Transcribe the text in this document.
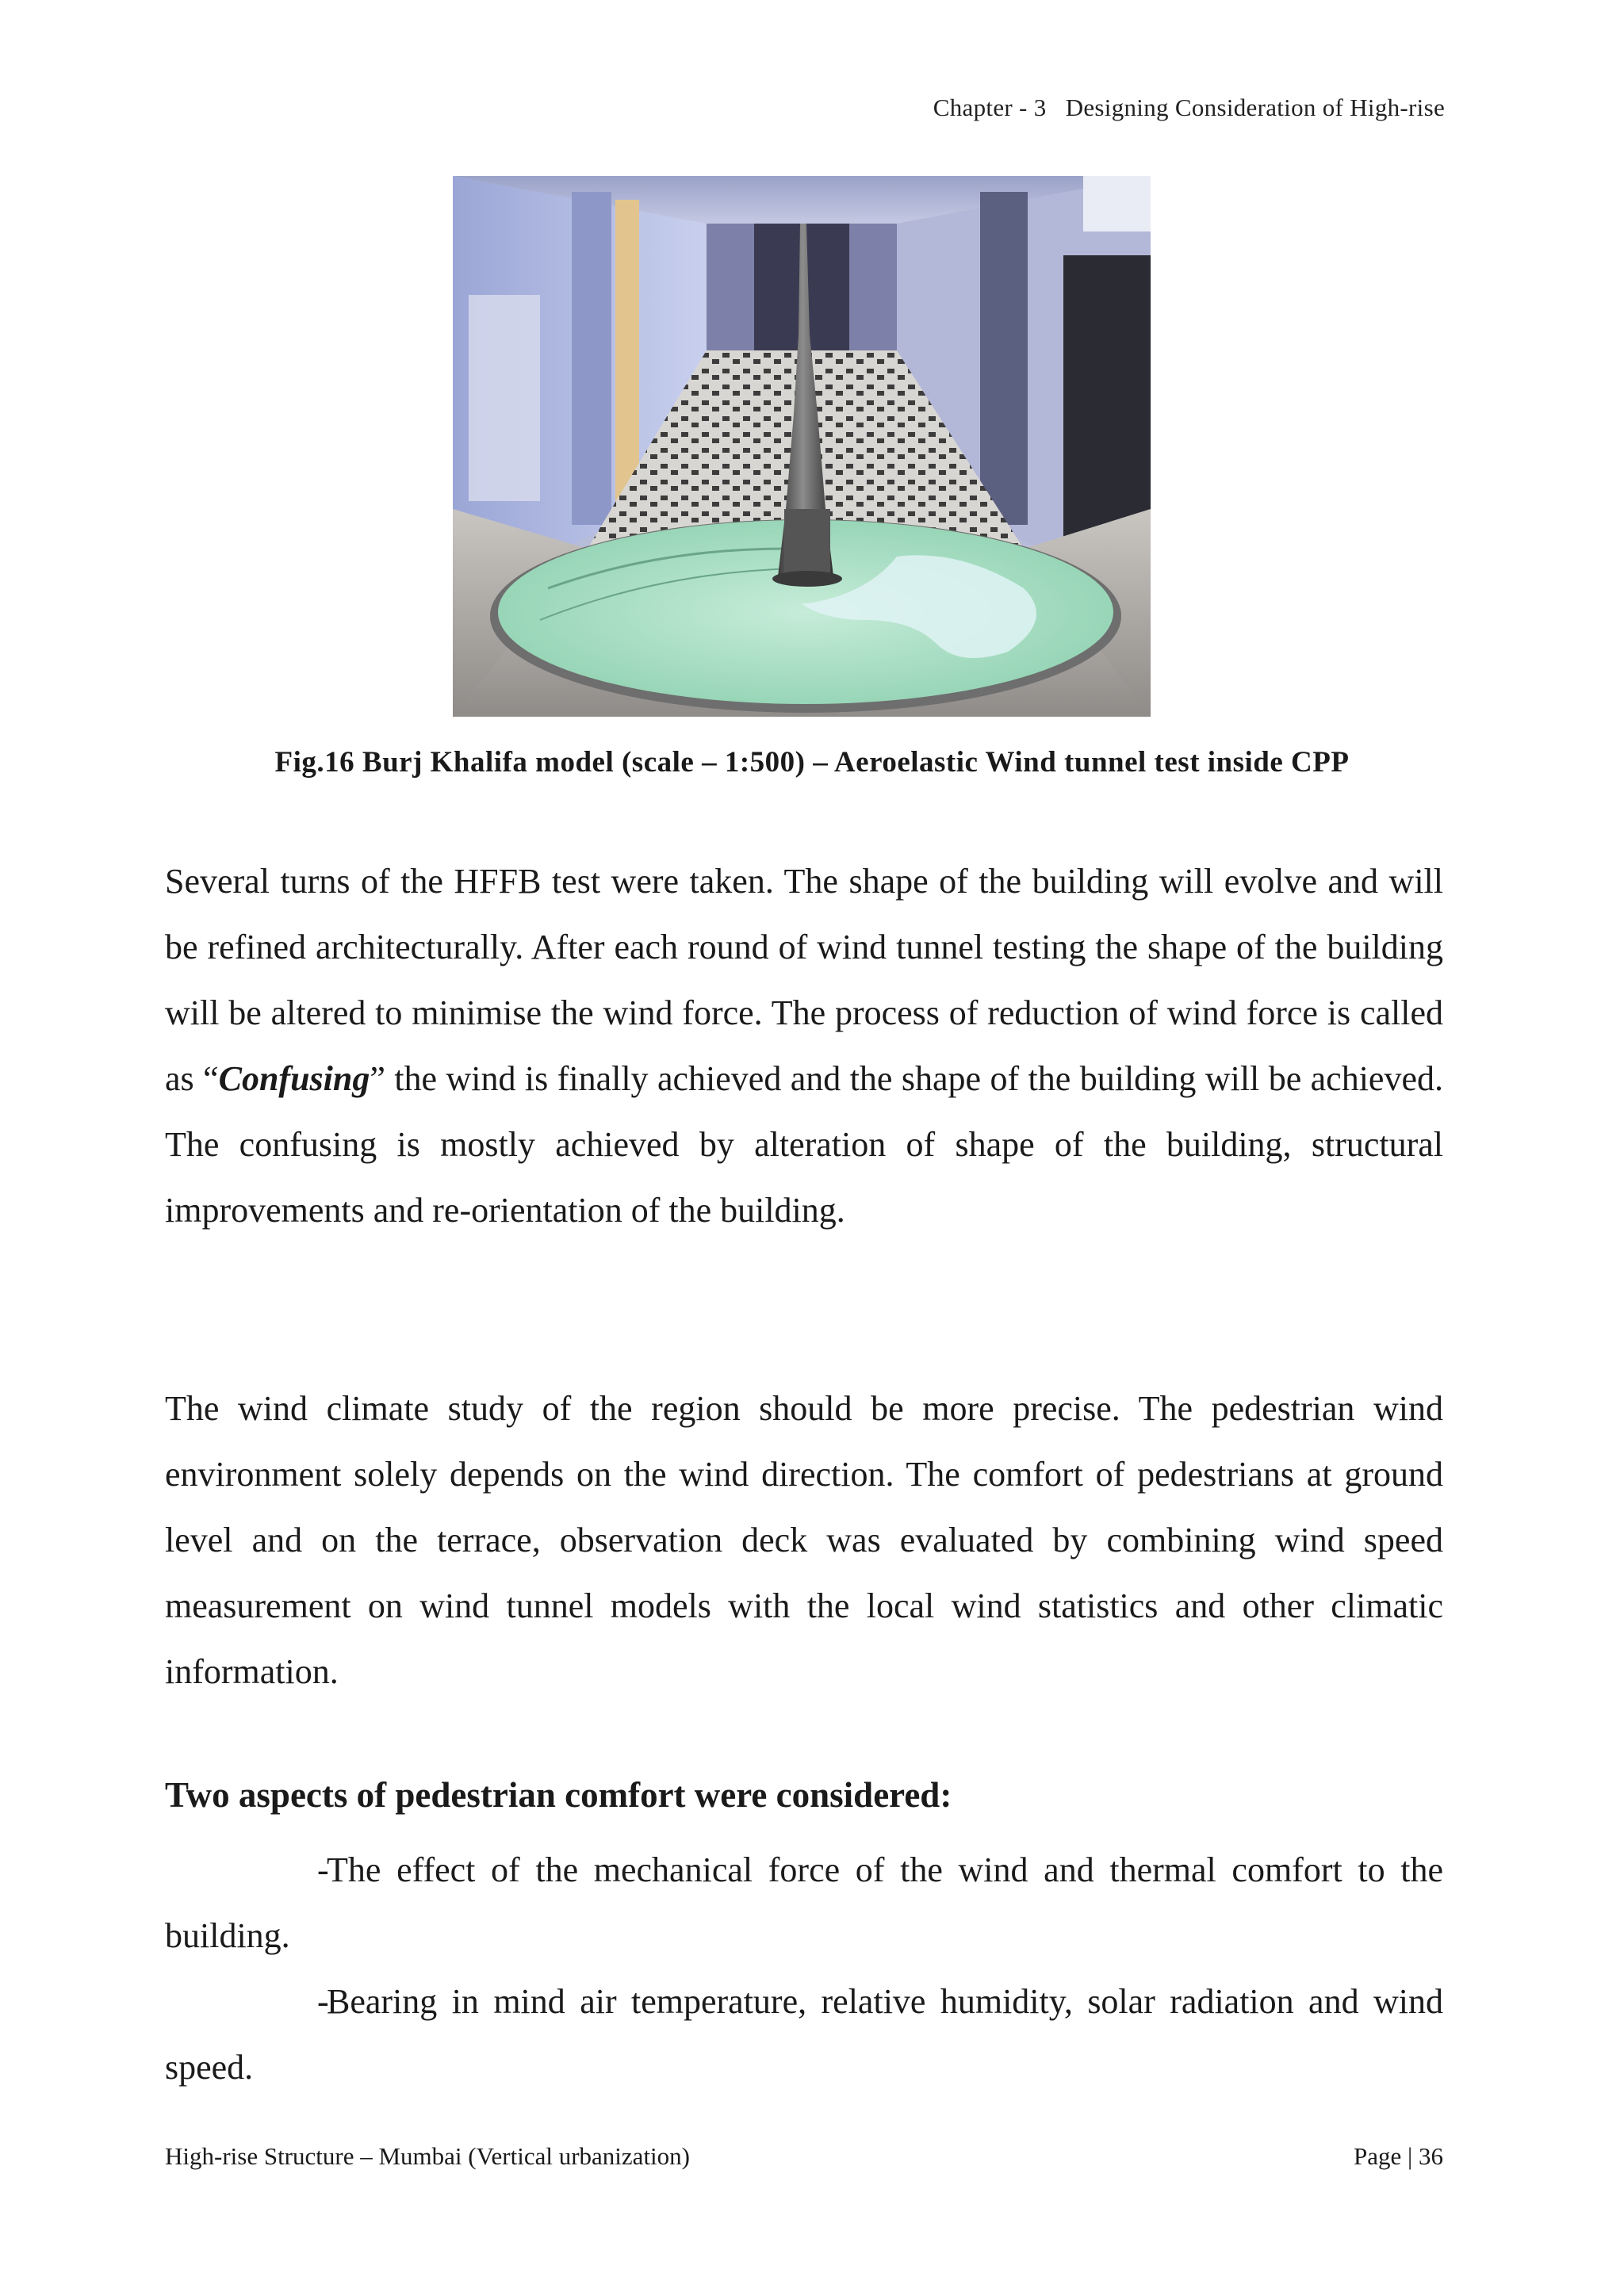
Chapter - 3 Designing Consideration of High-rise
Fig.16 Burj Khalifa model (scale – 1:500) – Aeroelastic Wind tunnel test inside CPP

Several turns of the HFFB test were taken. The shape of the building will evolve and will be refined architecturally. After each round of wind tunnel testing the shape of the building will be altered to minimise the wind force. The process of reduction of wind force is called as “Confusing” the wind is finally achieved and the shape of the building will be achieved. The confusing is mostly achieved by alteration of shape of the building, structural improvements and re-orientation of the building.

The wind climate study of the region should be more precise. The pedestrian wind environment solely depends on the wind direction. The comfort of pedestrians at ground level and on the terrace, observation deck was evaluated by combining wind speed measurement on wind tunnel models with the local wind statistics and other climatic information.

Two aspects of pedestrian comfort were considered:

-The effect of the mechanical force of the wind and thermal comfort to the building.

-Bearing in mind air temperature, relative humidity, solar radiation and wind speed.

High-rise Structure – Mumbai (Vertical urbanization)	Page | 36
